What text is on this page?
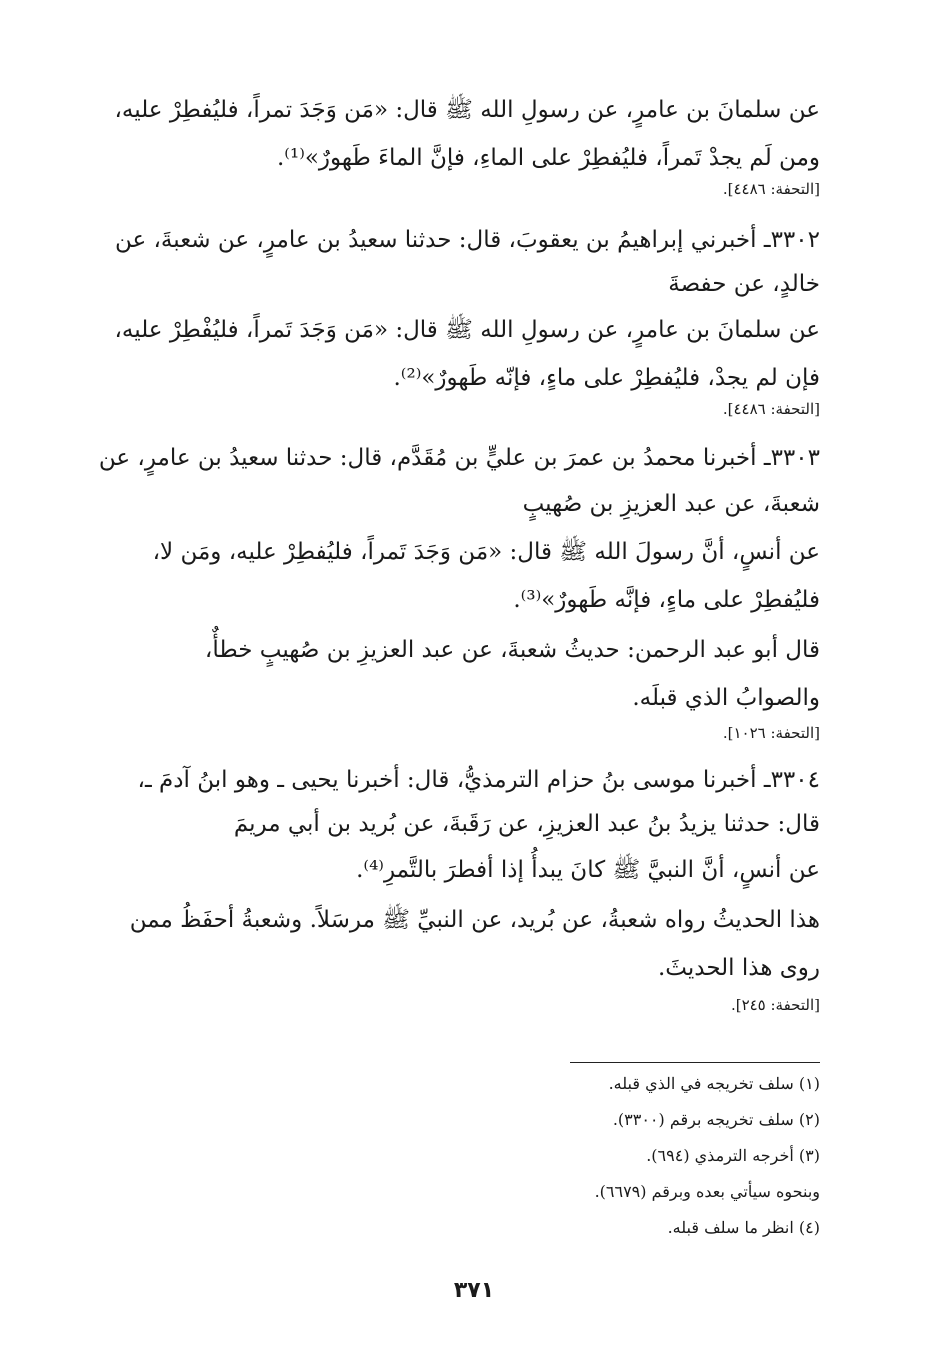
عن سلمانَ بن عامرٍ، عن رسولِ الله ﷺ قال: «مَن وَجَدَ تمراً، فليُفطِرْ عليه،
ومن لَم يجدْ تَمراً، فليُفطِرْ على الماءِ، فإنَّ الماءَ طَهورٌ»⁽¹⁾.
[التحفة: ٤٤٨٦].
٣٣٠٢ـ أخبرني إبراهيمُ بن يعقوبَ، قال: حدثنا سعيدُ بن عامرٍ، عن شعبةَ، عن
خالدٍ، عن حفصةَ
عن سلمانَ بن عامرٍ، عن رسولِ الله ﷺ قال: «مَن وَجَدَ تَمراً، فليُفْطِرْ عليه،
فإن لم يجدْ، فليُفطِرْ على ماءٍ، فإنّه طَهورٌ»⁽²⁾.
[التحفة: ٤٤٨٦].
٣٣٠٣ـ أخبرنا محمدُ بن عمرَ بن عليٍّ بن مُقَدَّم، قال: حدثنا سعيدُ بن عامرٍ، عن
شعبةَ، عن عبد العزيزِ بن صُهيبٍ
عن أنسٍ، أنَّ رسولَ الله ﷺ قال: «مَن وَجَدَ تَمراً، فليُفطِرْ عليه، ومَن لا،
فليُفطِرْ على ماءٍ، فإنَّه طَهورٌ»⁽³⁾.
قال أبو عبد الرحمن: حديثُ شعبةَ، عن عبد العزيزِ بن صُهيبٍ خطأٌ،
والصوابُ الذي قبلَه.
[التحفة: ١٠٢٦].
٣٣٠٤ـ أخبرنا موسى بنُ حزام الترمذيُّ، قال: أخبرنا يحيى ـ وهو ابنُ آدمَ ـ،
قال: حدثنا يزيدُ بنُ عبد العزيزِ، عن رَقَبةَ، عن بُريد بن أبي مريمَ
عن أنسٍ، أنَّ النبيَّ ﷺ كانَ يبدأُ إذا أفطرَ بالتَّمرِ⁽⁴⁾.
هذا الحديثُ رواه شعبةُ، عن بُريد، عن النبيِّ ﷺ مرسَلاً. وشعبةُ أحفَظُ ممن
روى هذا الحديثَ.
[التحفة: ٢٤٥].
(١) سلف تخريجه في الذي قبله.
(٢) سلف تخريجه برقم (٣٣٠٠).
(٣) أخرجه الترمذي (٦٩٤).
وبنحوه سيأتي بعده وبرقم (٦٦٧٩).
(٤) انظر ما سلف قبله.
٣٧١
